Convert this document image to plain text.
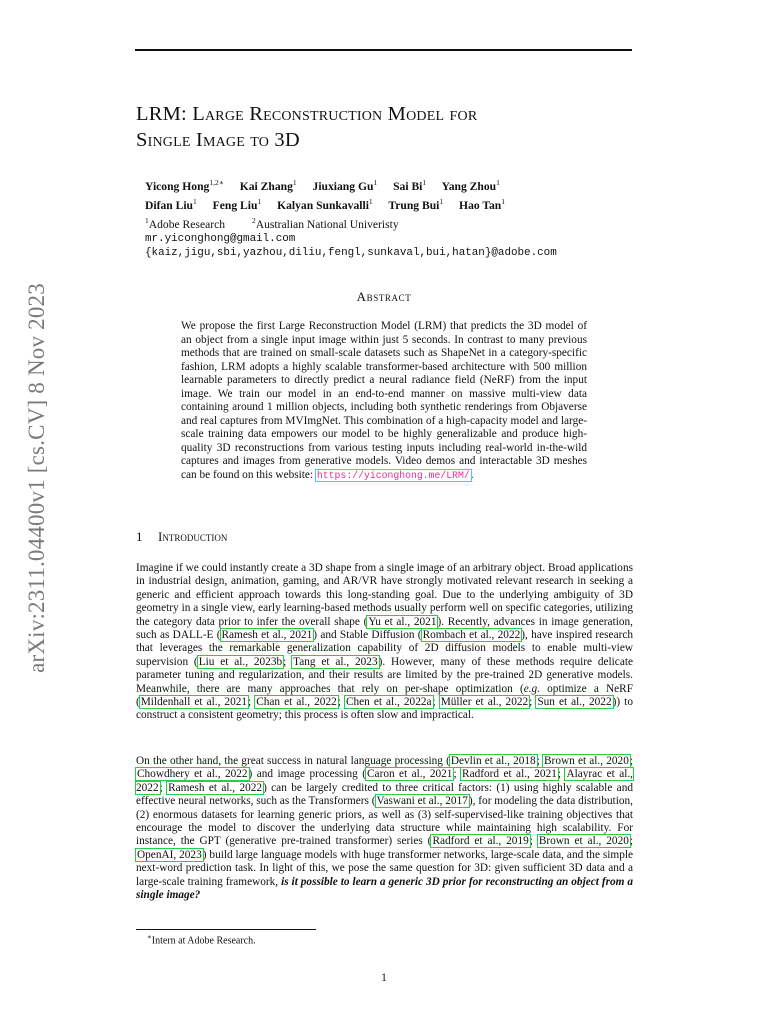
arXiv:2311.04400v1 [cs.CV] 8 Nov 2023
LRM: Large Reconstruction Model for
Single Image to 3D
Yicong Hong$^{1,2∗}$ Kai Zhang$^1$ Jiuxiang Gu$^1$ Sai Bi$^1$ Yang Zhou$^1$
Difan Liu$^1$ Feng Liu$^1$ Kalyan Sunkavalli$^1$ Trung Bui$^1$ Hao Tan$^1$
$^1$Adobe Research	$^2$Australian National Univeristy
mr.yiconghong@gmail.com
{kaiz,jigu,sbi,yazhou,diliu,fengl,sunkaval,bui,hatan}@adobe.com
Abstract
We propose the first Large Reconstruction Model (LRM) that predicts the 3D model of an object from a single input image within just 5 seconds. In contrast to many previous methods that are trained on small-scale datasets such as ShapeNet in a category-specific fashion, LRM adopts a highly scalable transformer-based architecture with 500 million learnable parameters to directly predict a neural radiance field (NeRF) from the input image. We train our model in an end-to-end manner on massive multi-view data containing around 1 million objects, including both synthetic renderings from Objaverse and real captures from MVImgNet. This combination of a high-capacity model and large-scale training data empowers our model to be highly generalizable and produce high-quality 3D reconstructions from various testing inputs including real-world in-the-wild captures and images from generative models. Video demos and interactable 3D meshes can be found on this website: https://yiconghong.me/LRM/.
1 Introduction
Imagine if we could instantly create a 3D shape from a single image of an arbitrary object. Broad applications in industrial design, animation, gaming, and AR/VR have strongly motivated relevant research in seeking a generic and efficient approach towards this long-standing goal. Due to the underlying ambiguity of 3D geometry in a single view, early learning-based methods usually perform well on specific categories, utilizing the category data prior to infer the overall shape (Yu et al., 2021). Recently, advances in image generation, such as DALL-E (Ramesh et al., 2021) and Stable Diffusion (Rombach et al., 2022), have inspired research that leverages the remarkable generalization capability of 2D diffusion models to enable multi-view supervision (Liu et al., 2023b; Tang et al., 2023). However, many of these methods require delicate parameter tuning and regularization, and their results are limited by the pre-trained 2D generative models. Meanwhile, there are many approaches that rely on per-shape optimization (e.g. optimize a NeRF (Mildenhall et al., 2021; Chan et al., 2022; Chen et al., 2022a; Müller et al., 2022; Sun et al., 2022)) to construct a consistent geometry; this process is often slow and impractical.
On the other hand, the great success in natural language processing (Devlin et al., 2018; Brown et al., 2020; Chowdhery et al., 2022) and image processing (Caron et al., 2021; Radford et al., 2021; Alayrac et al., 2022; Ramesh et al., 2022) can be largely credited to three critical factors: (1) using highly scalable and effective neural networks, such as the Transformers (Vaswani et al., 2017), for modeling the data distribution, (2) enormous datasets for learning generic priors, as well as (3) self-supervised-like training objectives that encourage the model to discover the underlying data structure while maintaining high scalability. For instance, the GPT (generative pre-trained transformer) series (Radford et al., 2019; Brown et al., 2020; OpenAI, 2023) build large language models with huge transformer networks, large-scale data, and the simple next-word prediction task. In light of this, we pose the same question for 3D: given sufficient 3D data and a large-scale training framework, is it possible to learn a generic 3D prior for reconstructing an object from a single image?
∗Intern at Adobe Research.
1
